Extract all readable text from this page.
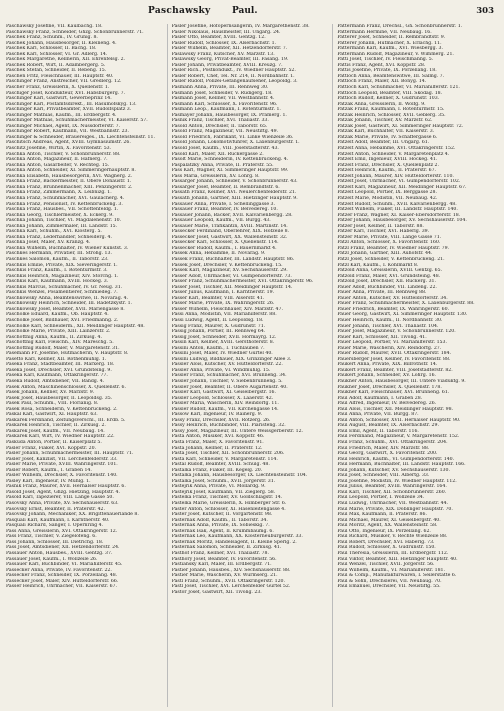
Paschawsky Paul.	303
Paschawsky Josefine, VII. Kaulbachg. 18.
Paschawsky Franz, Schneider, Ghzg. Schönbrunnerstr. 71.
Paschek Franz, Schuhm., IV. Grünig. 8.
Paschek Johann, Hausbesorger, II. Kleineng. 4.
Paschek Karl, Schlosser, II. Bachg. 18.
Paschek Karl, Schlosser, VI. Gr. Adlerg. 14.
Paschek Margarethe, Kellnerin, XII. Ehrenfelsg. 2.
Paschek Robert, Wirt, II. Adambergerg. 5.
Paschek Stefan, Schneider, II. Rebeng. 15.
Paschen Fritz, Fleischhauer, III. Hauptstr. 40.
Paschinger Franz, Anstreicher, VII. Gredlerg. 12.
Pascher Franz, Greisslerin, X. Quellenstr. 1.
Paschiger Josef, Kondukteur, XVI. Habsburgerg. 7.
Paschinger Karl, Gastwirt, Gewerbeprinz 14.
Paschinger Karl, Postamtsdirekt., III. Rasumofskyg. 13.
Paschinger Karl, Privatbeamter, XVII. Rudolfsplatz 3.
Paschinger Mathias, Kaufm., III. Erdbergstr. 4.
Paschinger Mathias, Schuhmachermeister, VI. Kaiserstr. 57.
Paschinger Michael, Agent, IX. Nussdorferstr. 7.
Paschinger Robert, Kaufmann, VII. Westbahnstr. 23.
Paschinger & Schneider, Brauereiges., IX. Liechtensteinstr. 11.
Paschitsch Andreas, Agent, XVIII. Gymnasiumstr. 26.
Paschitz Josefine, Wirtin, X. Favoritenstr. 53.
Paschka Anton, Tischler, V. Schönbrunnerstr. 88.
Paschka Anton, Magazineur, II. Hafnerg. 7.
Paschka Anton, Gasarbeiter, V. Rechteg. 15.
Paschka Anton, Schneider, XI. Simmeringerhauptstr. 8.
Paschka Elisabeth, Hausbesorgerin, XVI. Wagnerg. 2.
Paschka Franz, Bäckermeister, II. Obere Donaustr. 1.
Paschka Franz, Brunnenmacher, XIII. Penzingerstr. 2.
Paschka Franz, Zimmermann, X. Leibnizg. 1.
Paschka Franz, Schuhmacher, XVI. Gaulacherg. 4.
Paschka Franz, Pensionist, IV. Kettenbrückeng. 3.
Paschka Franz, Hausbes., VII. Schottenfeldg. 1.
Paschka Georg, Tischlermeister, X. Eckerg. 9.
Paschka Johann, Tischler, VI. Magdalenenstr. 10.
Paschka Johann, Zimmermaler, III. Landstr. 15.
Paschka Karl, Schuhm., XVI. Klosterg. 5.
Paschka Franz, Lederhändler, Schneiderg. 4.
Paschka Josef, Maler, XV. Kranzg. 4.
Paschka Wilhelm, Buchhalter, IV. Wiener Kunstst. 3.
Paschkes Hermann, Privatier, III. Strohg. 13.
Paschkes Salomon, Kaufm., II. Taborstr. 23.
Paschkis Emilie, Private, XIX. Sieveringerstr. 1.
Paschkis Franz, Kaufm., I. Rotenturmstr. 3.
Paschkis Heinrich, Magazineur, XIV. Storchg. 1.
Paschkis Karl, Kaufmann, XVIII. Hockeg. 3.
Paschkis Marcus, Schuhmacher, IV. Gr. Neug. 31.
Paschkis Wenzel, Posamentierer, Schmiedeg. 7.
Paschkowsky Anna, Beamtenswitwe, II. Novarag. 4.
Paschkowsky Heinrich, Schneider, III. Radetzkystr. 1.
Paschkowsky Josef, Beamter, XVII. Mariengasse 8.
Pascholke Eduard, Kaufm., Ob. Hauptstr. 4.
Pascholke Josef, Bildhauer, XVI. Friedmanng. 2.
Pascholke Karl, Schneiderm., XII. Meidlinger Hauptstr. 48.
Pascholke Marie, Private, XIII. Lainzerstr. 2.
Paschottnig Anna, Kaufm., II. Zirkusg. 4.
Paschottnig Karl, Fleischh., XIV. Mareschg. 5.
Paschottnig Rudolf, Maler, V. Margaretenstr. 31.
Pasemann Fr. Josefine, Hutmacherin, V. Hauptstr. 8.
Pasetto Karl, Kellner, XII. Rothenmühlg. 1.
Paseka Franz, Stadtbeamter, III. Marxerg. 18.
Paseka Josef, Drechsler, XVI. Grundsteing. 9.
Paseka Karl, Kaufmann, Ottakringerstr. 77.
Paseka Rudolf, Amtsdiener, VII. Bandg. 4.
Pasek Anton, Maschinenschlosser, X. Quellenstr. 6.
Pasek Johann, Kellner, XV. Märzstr. 9.
Pasek Josef, Hausbesorger, II. Leopoldsg. 35.
Pasek Paul, Schuhm., VIII. Florianig. 8.
Pasek Rosa, Schneiderin, V. Kettenbrückeng. 2.
Paskal Karl, Gastwirt, XI. Hauptstr. 63.
Paskarek Ferdinand, Zeitungsverschl., III. Erdb. 5.
Paskarek Heinrich, Tischler, II. Zirkusg. 2.
Paskarek Josef, Kaufm., VII. Neubaug. 14.
Paskarek Karl, Wirt, IV. Wiedner Hauptstr. 22.
Paskuda Anton, Portier, II. Kaiserplatz 5.
Pasler Franz, Fiaker, XVI. Koppstr. 20.
Pasler Johann, Schuhmachermeister, III. Hauptstr. 71.
Pasler Josef, Kanzlist, VII. Lerchenfelderstr. 33.
Pasler Marie, Private, XVIII. Währingerstr. 101.
Pasler Robert, Kaufm., I. Graben 14.
Pasler Wilhelm, Drechsler, X. Favoritenstr. 140.
Pasley Karl, Ingenieur, IV. Mühlg. 1.
Pasnik Franz, Maurer, XVII. Hernalser Hauptstr. 6.
Pasold Josef, Agent, Ghzg. Hietzing, Hauptstr. 4.
Pasold Karl, Tapezierer, VIII. Lange Gasse 50.
Pasovsky Anna, Private, XV. Sechshauserstr. 63.
Pasovsky Ernst, Beamter, II. Praterstr. 42.
Pasovsky Johann, Mechaniker, XX. Brigittenauerlände 8.
Pasquali Karl, Kaufmann, I. Kärntnerstr. 40.
Pasquali Richard, Sänger, I. Opernring 4.
Pass Anna, Greisslerin, XVI. Ottakringerstr. 12.
Pass Franz, Tischler, V. Ziegelofeng. 6.
Pass Johann, Schlosser, III. Dietrichg. 18.
Pass Josef, Amtsdiener, XII. Hetzendorferstr. 24.
Passauer Anton, Hausbes., XVIII. Gentzg. 37.
Passauer Josef, Kaufm., I. Wollzeile 26.
Passauer Karl, Buchbinder, VI. Mariahilferstr. 45.
Passecker Anna, Private, IV. Favoritenstr. 22.
Passecker Franz, Schneider, IX. Porzellang. 48.
Passecker Josef, Maler, XIV. Hütteldorferstr. 66.
Passer Heinrich, Uhrmacher, VII. Kaiserstr. 67.
Pasler Josefine, Hofopernsängerin, IV. Margarethenstr. 38.
Pasler Nikolaus, Hausmeister, III. Ungarg. 24.
Pasler Otto, Beamter, XVIII. Gentzg. 12.
Pasler Rudolf, Schlosser, IX. Alserbachstr. 1.
Pasler Wilhelm, Beamter, XII. Hetzendorferstr. 7.
Paslawsky Franz, Kutscher, XV. Märzstr. 13.
Paslawsky Georg, Privat-Beamter, III. Fasang. 19.
Pasler Johann, Privatbeamter, XVIII. Kreuzg. 7.
Pasler Rich., Postkondukt., IV. Wiedner Hauptstr. 52.
Pasler Robert, Chef, Tel. Nr. 214, II. Nordbahnstr. 1.
Pasler Rudolf, Polizei-Gefangenaufseher, Leopoldg. 3.
Pasmann Anna, Private, III. Rennweg 30.
Pasmann Josef, Schneider, V. Rüdigerg. 18.
Pasmann Josef, Kellner, VII. Westbahnstr. 4.
Pasmann Karl, Schlosser, X. Favoritenstr. 96.
Pasmann Leop., Kaufmann, I. Rotenturmstr. 1.
Pasmayer Johann, Hausbesorger, IX. Pramerg. 1.
Pasnik Franz, Tischler, XVI. Thaliastr. 33.
Pasold Anton, Drechsler, II. Taborstr. 65.
Pasold Franz, Magazineur, VII. Neustiftg. 49.
Pasold Friedrich, Fabrikant, VI. Linke Wienzeile 36.
Pasold Johann, Lokomotivführer, X. Laxenburgerstr. 1.
Pasold Josef, Kaufm., VIII. Josefstädterstr. 43.
Pasold Karl, Maler, XII. Ruckergasse 2.
Pasolt Marie, Schneiderin, IV. Kettenbrückeng. 4.
Paspalatzky Anna, Private, II. Praterstr. 55.
Pass Karl, Wagner, XI. Simmeringer Hauptstr. 99.
Pass Maria, Greisslerin, XV. Löhrg. 8.
Passarger Johann, Schneider, V. Schönbrunnerstr. 43.
Passarger Josef, Beamter, II. Rembrandtstr. 6.
Passath Franz, Kellner, XVI. Neulerchenfelderstr. 21.
Passath Johann, Gärtner, XIII. Hietzinger Hauptstr. 9.
Passauer Anna, Private, I. Schellinggasse 3.
Passauer Franz, Beamter, IV. Belvedereg. 10.
Passauer Johann, Bäcker, XVII. Kalvarienbergg. 28.
Passauer Leopold, Kaufm., VII. Burgg. 43.
Passauer Marie, Trafikantin, XVIII. Martinstr. 14.
Passecker Ferdinand, Oberlehrer, XIX. Hofzeile 8.
Passecker Josef, Gastwirt, XX. Wallensteinstr. 32.
Passecker Karl, Schlosser, X. Quellenstr. 114.
Passecker Rudolf, Kaufm., I. Bauernmarkt 4.
Passek Anna, Hebamme, II. Novarag. 9.
Passek Franz, Buchhalter, III. Landstr. Hauptstr. 86.
Passek Josef, Drechsler, V. Kettenbrückeng. 15.
Passek Karl, Magazineur, XV. Sechshauserstr. 29.
Passer Adolf, Uhrmacher, VI. Gumpendorferstr. 73.
Passer Franz, Schuhmachermeister, XVI. Ottakringerstr. 96.
Passer Josef, Tischler, XII. Meidlinger Hauptstr. 14.
Passer Julius, Kaufmann, I. Kärntnerstr. 19.
Passer Karl, Beamter, VIII. Alserstr. 41.
Passer Marie, Private, IX. Währingerstr. 26.
Passer Wilhelm, Fleischhauer, XIV. Märzstr. 47.
Passi Anna, Modistin, VII. Mariahilferstr. 88.
Passi Ludwig, Agent, II. Leopoldsg. 18.
Passig Franz, Maurer, X. Gudrunstr. 71.
Passig Johann, Portier, III. Rennweg 64.
Passig Josef, Schneider, XVII. Hormayrg. 12.
Passin Karl, Kellner, XVIII. Gersthoferstr. 8.
Passini Anton, Kaufm., I. Tuchlauben 7.
Passini Josef, Maler, IV. Wiedner Gürtel 40.
Passini Ludwig, Bildhauer, XIX. Grinzinger Allee 3.
Passler Alois, Kutscher, XV. Hütteldorferstr. 22.
Passler Anna, Private, VI. Windmühlg. 15.
Passler Franz, Schuhmacher, XVI. Brunneng. 34.
Passler Johann, Tischler, V. Siebenbrunneng. 5.
Passler Josef, Beamter, II. Obere Augartenstr. 40.
Passler Karl, Gastwirt, XI. Geiselbergstr. 16.
Passler Leopold, Schlosser, X. Laaerstr. 42.
Passler Maria, Wäscherin, XIV. Reindorfg. 11.
Passler Rudolf, Kaufm., VII. Kirchengasse 14.
Passow Karl, Ingenieur, IV. Rainerg. 9.
Passy Franz, Drechsler, XVII. Rötzerg. 26.
Passy Heinrich, Buchbinder, VIII. Piaristeng. 32.
Passy Josef, Magazineur, III. Untere Weissgerberstr. 12.
Pasta Anton, Musiker, XVI. Koppstr. 46.
Pasta Franz, Maler, X. Favoritenstr. 91.
Pasta Johann, Kellner, II. Praterstr. 12.
Pasta Josef, Tischler, XII. Schönbrunnerstr. 206.
Pasta Karl, Schneider, V. Margaretenstr. 114.
Pastal Rudolf, Beamter, XVIII. Schulg. 48.
Pastalka Franz, Fiaker, III. Kegelg. 20.
Pastalka Johann, Hausbesorger, IX. Liechtensteinstr. 104.
Pastalka Josef, Schuhm., XVII. Jörgerstr. 31.
Pastejrik Anna, Private, VI. Mollardg. 9.
Pastejrik Josef, Kaufmann, VII. Zieglerg. 58.
Pastelka Franz, Tischler, XV. Goldschlagstr. 14.
Pastelka Marie, Greisslerin, X. Himberger Str. 6.
Paster Anton, Schlosser, XI. Hasenleitengasse 4.
Paster Josef, Kutscher, II. Vorgartenstr. 98.
Pasternak Adolf, Kaufm., II. Taborstr. 34.
Pasternak Anna, Private, IX. Sobieskig. 7.
Pasternak Isak, Agent, II. Krummbaumg. 6.
Pasternak Leo, Kaufmann, XX. Klosterneuburgerstr. 33.
Pasternak Moritz, Handelsagent, II. Kleine Sperlg. 2.
Pasternak Salomon, Schneider, II. Zirkusg. 41.
Pasthof Franz, Kellner, XVI. Thaliastr. 78.
Pasthory Josef, Beamter, IV. Favoritenstr. 56.
Pastiansky Karl, Maler, III. Erdbergstr. 71.
Pastier Johann, Hausbes., XIV. Sechshauserstr. 88.
Pastier Marie, Wäscherin, XV. Wurmserg. 21.
Pastl Franz, Schuhm., XVII. Ottakringerstr. 120.
Pastl Josef, Tischler, XVI. Lerchenfelder Gürtel 52.
Pastor Josef, Gastwirt, XII. Tivolig. 23.
Pattermann Franz, Drechsl., Gh. Schönbrunnerstr. 1.
Pattermann Hermine, VII. Neubaug. 16.
Patterer Josef, Schneider, II. Rembrandtstr. 9.
Patterer Johann, Hutmacher, X. Erlachg. 11.
Pattermann Karl, Kaufm., XVI. Wiesbergg. 3.
Pattermann Rudolf, Magazineur, V. Wimmerg. 21.
Patti Josef, Tischler, IV. Fleischmanng. 5.
Pattis Franz, Agent, XVI. Koppstr. 28.
Pattis Josefine, Private, IX. Porzellang. 18.
Pattloch Anna, Beamtenswitwe, III. Salmg. 7.
Pattloch Franz, Maler, XII. Bonyg. 14.
Pattloch Karl, Schuhmacher, VI. Mariahilferstr. 121.
Pattloch Leopold, Beamter, VIII. Skodag. 18.
Pattloch Rudolf, Kellner, X. Gudrunstr. 103.
Patzak Anna, Greisslerin, II. Wolfg. 9.
Patzak Franz, Kaufmann, I. Rotenturmstr. 15.
Patzak Heinrich, Schlosser, XVII. Geblerg. 35.
Patzak Johann, Tischler, XV. Märzstr. 62.
Patzak Josef, Gastwirt, XI. Simmeringer Hauptstr. 72.
Patzak Karl, Buchhalter, VII. Kaiserstr. 3.
Patzak Marie, Private, IV. Schäffergasse 6.
Patzelt Adolf, Beamter, III. Ungarg. 61.
Patzelt Anna, Hebamme, XVI. Ottakringerstr. 152.
Patzelt Anton, Schneider, V. Margaretenplatz 4.
Patzelt Emil, Ingenieur, XVIII. Hockeg. 41.
Patzelt Franz, Drechsler, X. Quellenplatz 2.
Patzelt Heinrich, Kaufm., II. Praterstr. 67.
Patzelt Johann, Maurer, XIV. Hütteldorferstr. 110.
Patzelt Josef, Uhrmacher, VI. Gumpendorferstr. 102.
Patzelt Karl, Magazineur, XII. Meidlinger Hauptstr. 67.
Patzelt Leopold, Portier, IX. Berggasse 28.
Patzelt Marie, Modistin, VII. Neubaug. 42.
Patzelt Rudolf, Schuhm., XVII. Kalvarienbergg. 48.
Patzelt Wilhelm, Fiaker, III. Landstr. Hauptstr. 140.
Patzer Franz, Wagner, XI. Kaiser-Ebersdorferstr. 18.
Patzer Johann, Hausbesorger, XV. Sechshauserstr. 104.
Patzer Josef, Kellner, II. Taborstr. 88.
Patzer Karl, Tischler, XVI. Haberlg. 39.
Patzer Marie, Private, VIII. Lange Gasse 71.
Patzl Anton, Schlosser, X. Favoritenstr. 160.
Patzl Franz, Beamter, IV. Wiedner Hauptstr. 79.
Patzl Johann, Gärtner, XIII. Auhofstr. 44.
Patzl Josef, Schneider, V. Kettenbrückeng. 21.
Patzl Karl, Kaufm., I. Kohlmarkt 8.
Patzold Anna, Greisslerin, XVIII. Gentzg. 65.
Patzold Franz, Maler, XVI. Grundsteing. 48.
Patzold Josef, Drechsler, XII. Ruckerg. 31.
Pauer Adolf, Buchbinder, VII. Lindeng. 22.
Pauer Anna, Private, III. Rennweg 88.
Pauer Anton, Kutscher, XV. Hütteldorferstr. 34.
Pauer Franz, Schuhmachermeister, X. Laxenburgerstr. 88.
Pauer Friedrich, Beamter, IX. Währingerstr. 60.
Pauer Georg, Gastwirt, XI. Simmeringer Hauptstr. 130.
Pauer Heinrich, Kaufm., II. Nordbahnstr. 30.
Pauer Johann, Tischler, XVI. Thaliastr. 104.
Pauer Josef, Magazineur, V. Schönbrunnerstr. 120.
Pauer Karl, Schlosser, XII. Tivolig. 41.
Pauer Leopold, Portier, VI. Mariahilferstr. 153.
Pauer Marie, Wäscherin, XIV. Reindorfg. 27.
Pauer Rudolf, Maurer, XVII. Ottakringerstr. 184.
Pauersberger Josef, Kellner, IV. Favoritenstr. 88.
Paukert Anna, Private, XIX. Billrothstr. 14.
Paukert Franz, Beamter, VIII. Josefstädterstr. 82.
Paukert Johann, Schneider, XV. Löhrg. 16.
Paukner Anton, Hausbesorger, III. Untere Viaduktg. 9.
Paukner Josef, Drechsler, X. Quellenstr. 178.
Paukner Karl, Fleischhauer, XVI. Brunneng. 61.
Paul Adolf, Kaufmann, I. Graben 28.
Paul Alfred, Ingenieur, IV. Belvedereg. 26.
Paul Alois, Tischler, XII. Meidlinger Hauptstr. 98.
Paul Anna, Private, VII. Burgg. 87.
Paul Anton, Schlosser, XVII. Hernalser Hauptstr. 90.
Paul August, Beamter, IX. Alserbachstr. 29.
Paul Emil, Agent, II. Taborstr. 116.
Paul Ferdinand, Magazineur, V. Margaretenstr. 152.
Paul Franz, Schuhm., XVI. Ottakringerstr. 204.
Paul Friedrich, Maler, XIV. Märzstr. 88.
Paul Georg, Gastwirt, X. Favoritenstr. 200.
Paul Heinrich, Kaufm., VI. Gumpendorferstr. 140.
Paul Hermann, Buchhalter, III. Landstr. Hauptstr. 166.
Paul Johann, Kutscher, XV. Sechshauserstr. 130.
Paul Josef, Schneider, VIII. Albertg. 33.
Paul Josefine, Modistin, IV. Wiedner Hauptstr. 112.
Paul Julius, Beamter, XVIII. Währingerstr. 164.
Paul Karl, Tischler, XII. Schönbrunnerstr. 260.
Paul Leopold, Portier, I. Wollzeile 34.
Paul Ludwig, Uhrmacher, VII. Westbahnstr. 44.
Paul Marie, Private, XIX. Döblinger Hauptstr. 70.
Paul Max, Kaufmann, II. Praterstr. 86.
Paul Michael, Maurer, XI. Geiselbergstr. 40.
Paul Moritz, Agent, XX. Wallensteinstr. 58.
Paul Otto, Ingenieur, IX. Porzellang. 62.
Paul Richard, Musiker, V. Rechte Wienzeile 88.
Paul Robert, Drechsler, XVI. Haberlg. 73.
Paul Rudolf, Schlosser, X. Gudrunstr. 150.
Paul Theresia, Greisslerin, III. Erdbergstr. 112.
Paul Viktor, Beamter, XIII. Hietzinger Hauptstr. 40.
Paul Wenzel, Tischler, XVII. Jörgerstr. 56.
Paul Wilhelm, Kaufm., VI. Mariahilferstr. 181.
Paul & Comp., Manufakturwaren, I. Seilerstätte 6.
Paul & Sohn, Drechslerei, VII. Neubaug. 70.
Paul Emanuel, Drechsler, VII. Neustiftg. 55.
